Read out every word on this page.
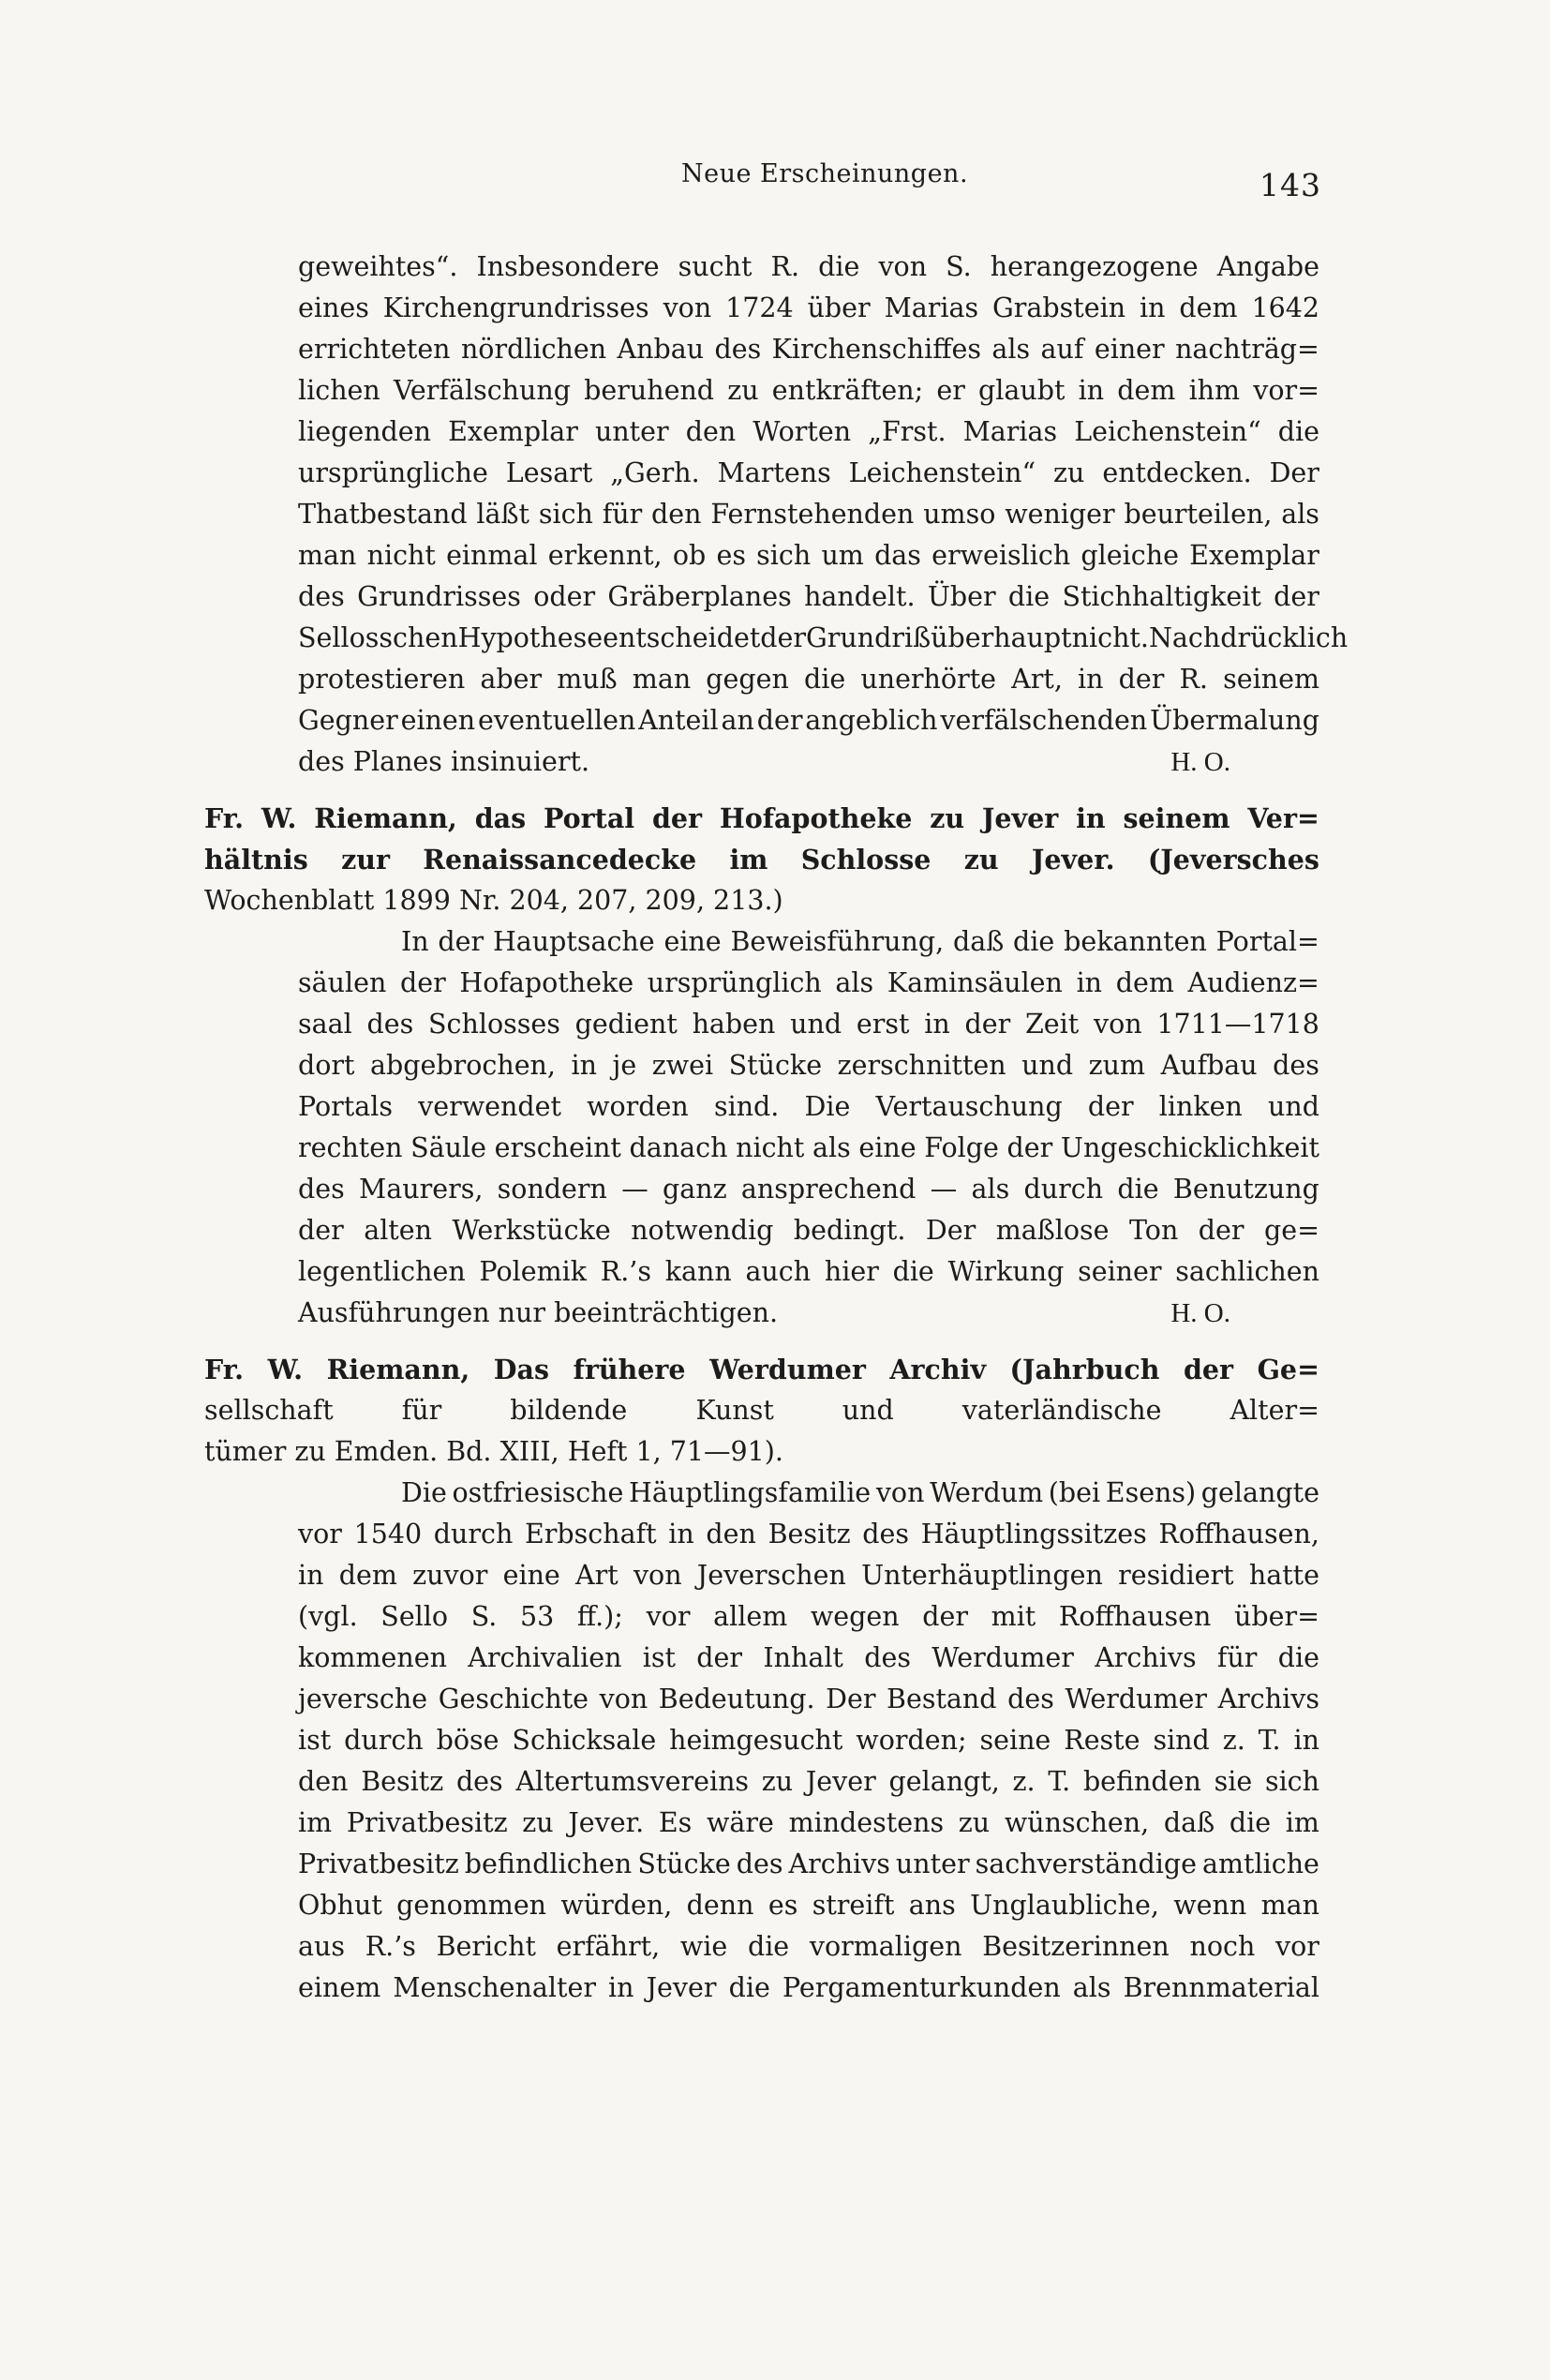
Neue Erscheinungen.	143
geweihtes“. Insbesondere sucht R. die von S. herangezogene Angabe
eines Kirchengrundrisses von 1724 über Marias Grabstein in dem 1642
errichteten nördlichen Anbau des Kirchenschiffes als auf einer nachträg=
lichen Verfälschung beruhend zu entkräften; er glaubt in dem ihm vor=
liegenden Exemplar unter den Worten „Frst. Marias Leichenstein“ die
ursprüngliche Lesart „Gerh. Martens Leichenstein“ zu entdecken. Der
Thatbestand läßt sich für den Fernstehenden umso weniger beurteilen, als
man nicht einmal erkennt, ob es sich um das erweislich gleiche Exemplar
des Grundrisses oder Gräberplanes handelt. Über die Stichhaltigkeit der
Sellosschen Hypothese entscheidet der Grundriß überhaupt nicht. Nachdrücklich
protestieren aber muß man gegen die unerhörte Art, in der R. seinem
Gegner einen eventuellen Anteil an der angeblich verfälschenden Übermalung
des Planes insinuiert.	H. O.
Fr. W. Riemann, das Portal der Hofapotheke zu Jever in seinem Ver=
hältnis zur Renaissancedecke im Schlosse zu Jever. (Jeversches
Wochenblatt 1899 Nr. 204, 207, 209, 213.)
In der Hauptsache eine Beweisführung, daß die bekannten Portal=
säulen der Hofapotheke ursprünglich als Kaminsäulen in dem Audienz=
saal des Schlosses gedient haben und erst in der Zeit von 1711—1718
dort abgebrochen, in je zwei Stücke zerschnitten und zum Aufbau des
Portals verwendet worden sind. Die Vertauschung der linken und
rechten Säule erscheint danach nicht als eine Folge der Ungeschicklichkeit
des Maurers, sondern — ganz ansprechend — als durch die Benutzung
der alten Werkstücke notwendig bedingt. Der maßlose Ton der ge=
legentlichen Polemik R.’s kann auch hier die Wirkung seiner sachlichen
Ausführungen nur beeinträchtigen.	H. O.
Fr. W. Riemann, Das frühere Werdumer Archiv (Jahrbuch der Ge=
sellschaft	für	bildende	Kunst	und	vaterländische	Alter=
tümer zu Emden. Bd. XIII, Heft 1, 71—91).
Die ostfriesische Häuptlingsfamilie von Werdum (bei Esens) gelangte
vor 1540 durch Erbschaft in den Besitz des Häuptlingssitzes Roffhausen,
in dem zuvor eine Art von Jeverschen Unterhäuptlingen residiert hatte
(vgl. Sello S. 53 ff.); vor allem wegen der mit Roffhausen über=
kommenen Archivalien ist der Inhalt des Werdumer Archivs für die
jeversche Geschichte von Bedeutung. Der Bestand des Werdumer Archivs
ist durch böse Schicksale heimgesucht worden; seine Reste sind z. T. in
den Besitz des Altertumsvereins zu Jever gelangt, z. T. befinden sie sich
im Privatbesitz zu Jever. Es wäre mindestens zu wünschen, daß die im
Privatbesitz befindlichen Stücke des Archivs unter sachverständige amtliche
Obhut genommen würden, denn es streift ans Unglaubliche, wenn man
aus R.’s Bericht erfährt, wie die vormaligen Besitzerinnen noch vor
einem Menschenalter in Jever die Pergamenturkunden als Brennmaterial
